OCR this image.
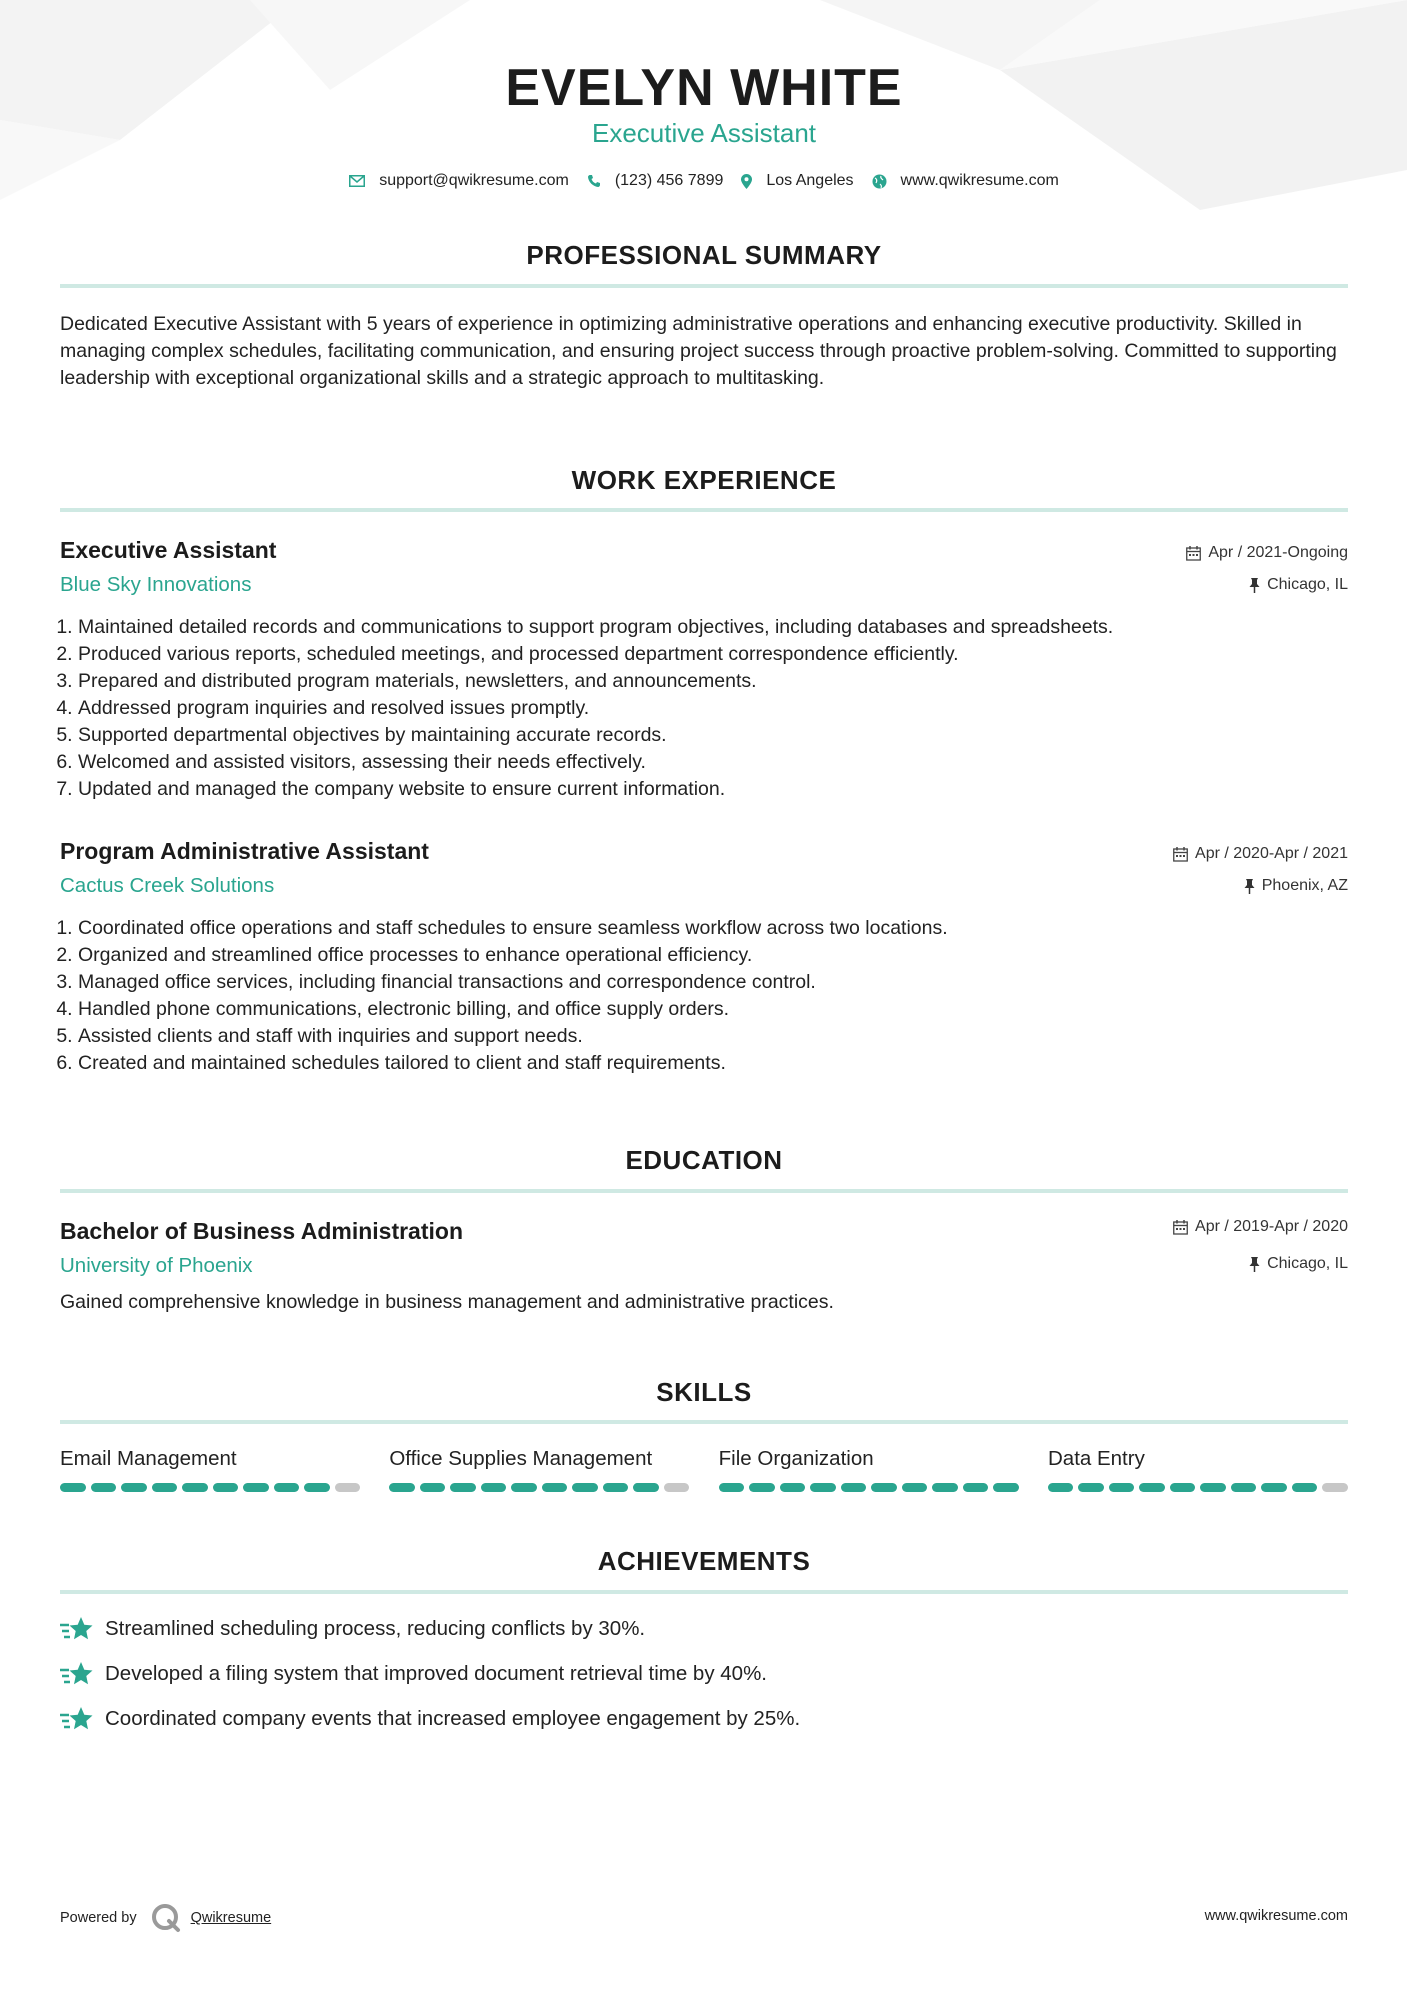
EVELYN WHITE
Executive Assistant
support@qwikresume.com	(123) 456 7899	Los Angeles	www.qwikresume.com
PROFESSIONAL SUMMARY
Dedicated Executive Assistant with 5 years of experience in optimizing administrative operations and enhancing executive productivity. Skilled in managing complex schedules, facilitating communication, and ensuring project success through proactive problem-solving. Committed to supporting leadership with exceptional organizational skills and a strategic approach to multitasking.
WORK EXPERIENCE
Executive Assistant
Blue Sky Innovations
Apr / 2021-Ongoing
Chicago, IL
1. Maintained detailed records and communications to support program objectives, including databases and spreadsheets.
2. Produced various reports, scheduled meetings, and processed department correspondence efficiently.
3. Prepared and distributed program materials, newsletters, and announcements.
4. Addressed program inquiries and resolved issues promptly.
5. Supported departmental objectives by maintaining accurate records.
6. Welcomed and assisted visitors, assessing their needs effectively.
7. Updated and managed the company website to ensure current information.
Program Administrative Assistant
Cactus Creek Solutions
Apr / 2020-Apr / 2021
Phoenix, AZ
1. Coordinated office operations and staff schedules to ensure seamless workflow across two locations.
2. Organized and streamlined office processes to enhance operational efficiency.
3. Managed office services, including financial transactions and correspondence control.
4. Handled phone communications, electronic billing, and office supply orders.
5. Assisted clients and staff with inquiries and support needs.
6. Created and maintained schedules tailored to client and staff requirements.
EDUCATION
Bachelor of Business Administration
University of Phoenix
Apr / 2019-Apr / 2020
Chicago, IL
Gained comprehensive knowledge in business management and administrative practices.
SKILLS
Email Management	Office Supplies Management	File Organization	Data Entry
ACHIEVEMENTS
Streamlined scheduling process, reducing conflicts by 30%.
Developed a filing system that improved document retrieval time by 40%.
Coordinated company events that increased employee engagement by 25%.
Powered by	Qwikresume	www.qwikresume.com
